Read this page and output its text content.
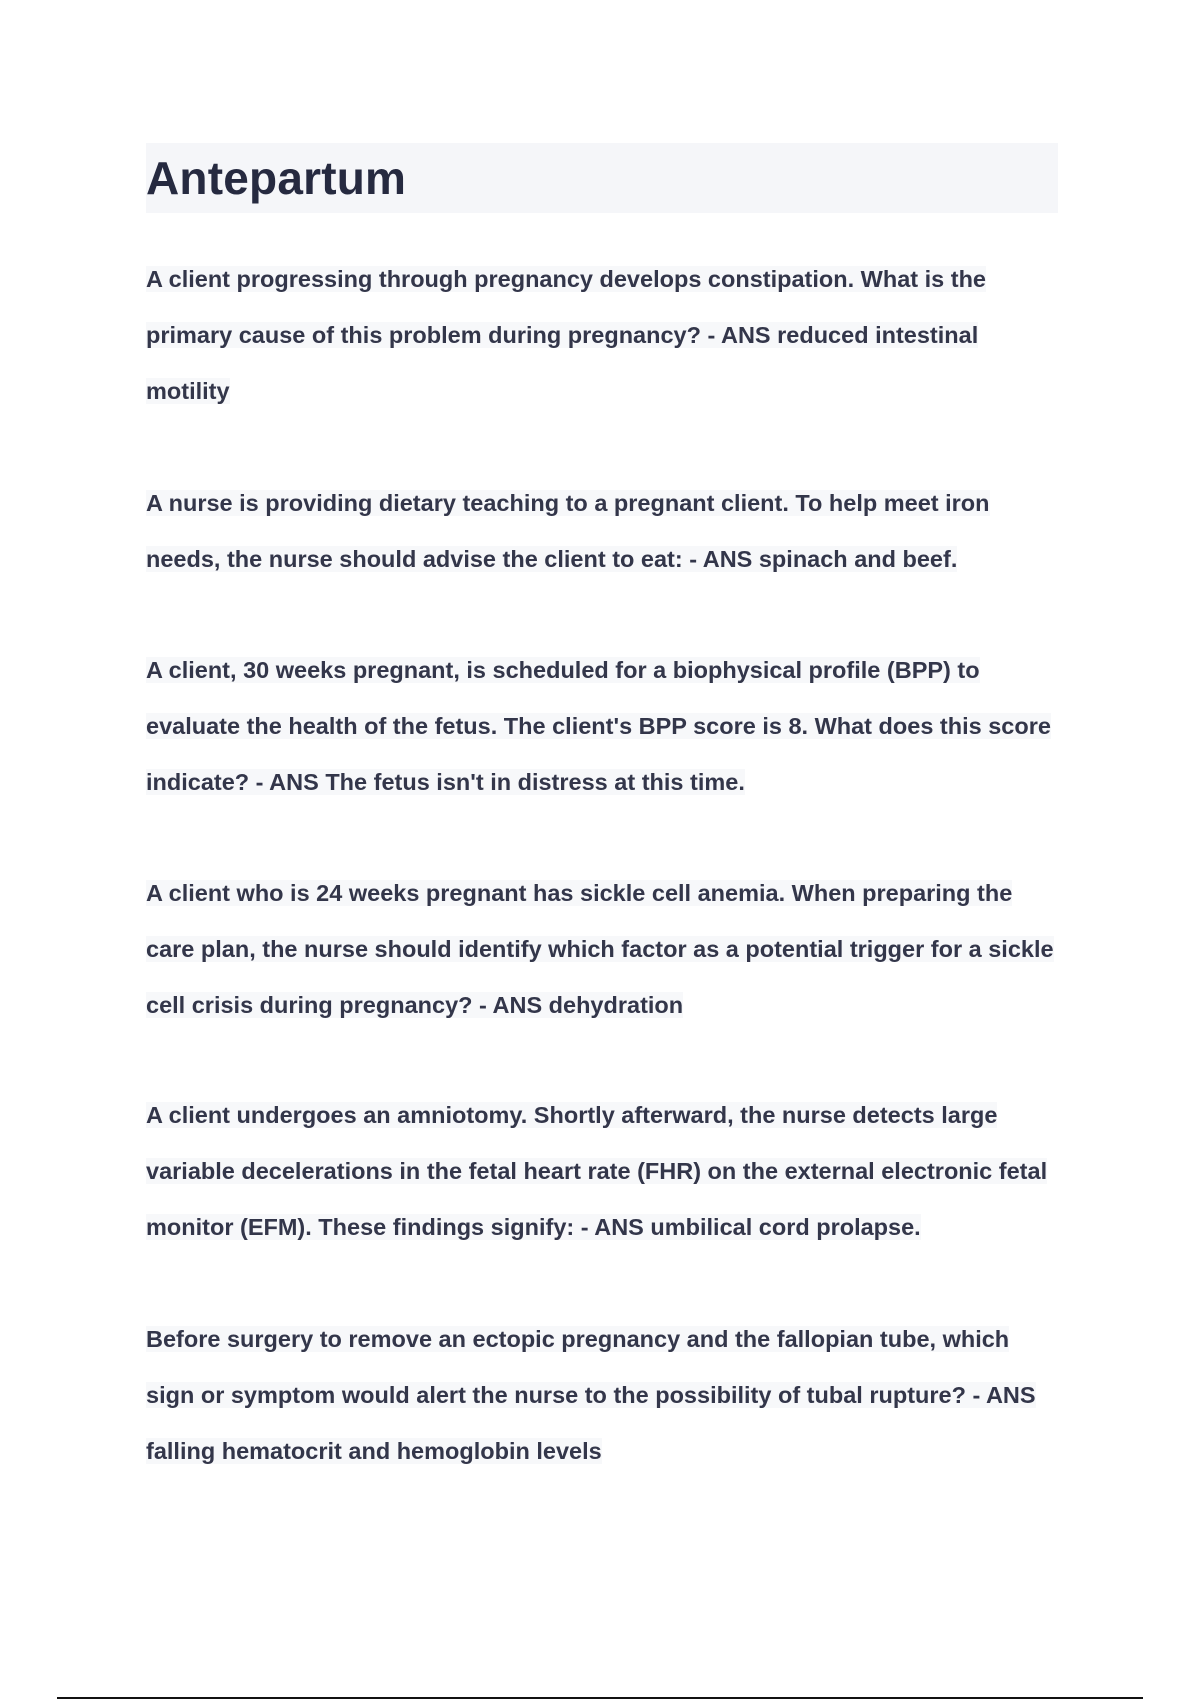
Antepartum

A client progressing through pregnancy develops constipation. What is the primary cause of this problem during pregnancy? - ANS reduced intestinal motility

A nurse is providing dietary teaching to a pregnant client. To help meet iron needs, the nurse should advise the client to eat: - ANS spinach and beef.

A client, 30 weeks pregnant, is scheduled for a biophysical profile (BPP) to evaluate the health of the fetus. The client's BPP score is 8. What does this score indicate? - ANS The fetus isn't in distress at this time.

A client who is 24 weeks pregnant has sickle cell anemia. When preparing the care plan, the nurse should identify which factor as a potential trigger for a sickle cell crisis during pregnancy? - ANS dehydration

A client undergoes an amniotomy. Shortly afterward, the nurse detects large variable decelerations in the fetal heart rate (FHR) on the external electronic fetal monitor (EFM). These findings signify: - ANS umbilical cord prolapse.

Before surgery to remove an ectopic pregnancy and the fallopian tube, which sign or symptom would alert the nurse to the possibility of tubal rupture? - ANS falling hematocrit and hemoglobin levels
